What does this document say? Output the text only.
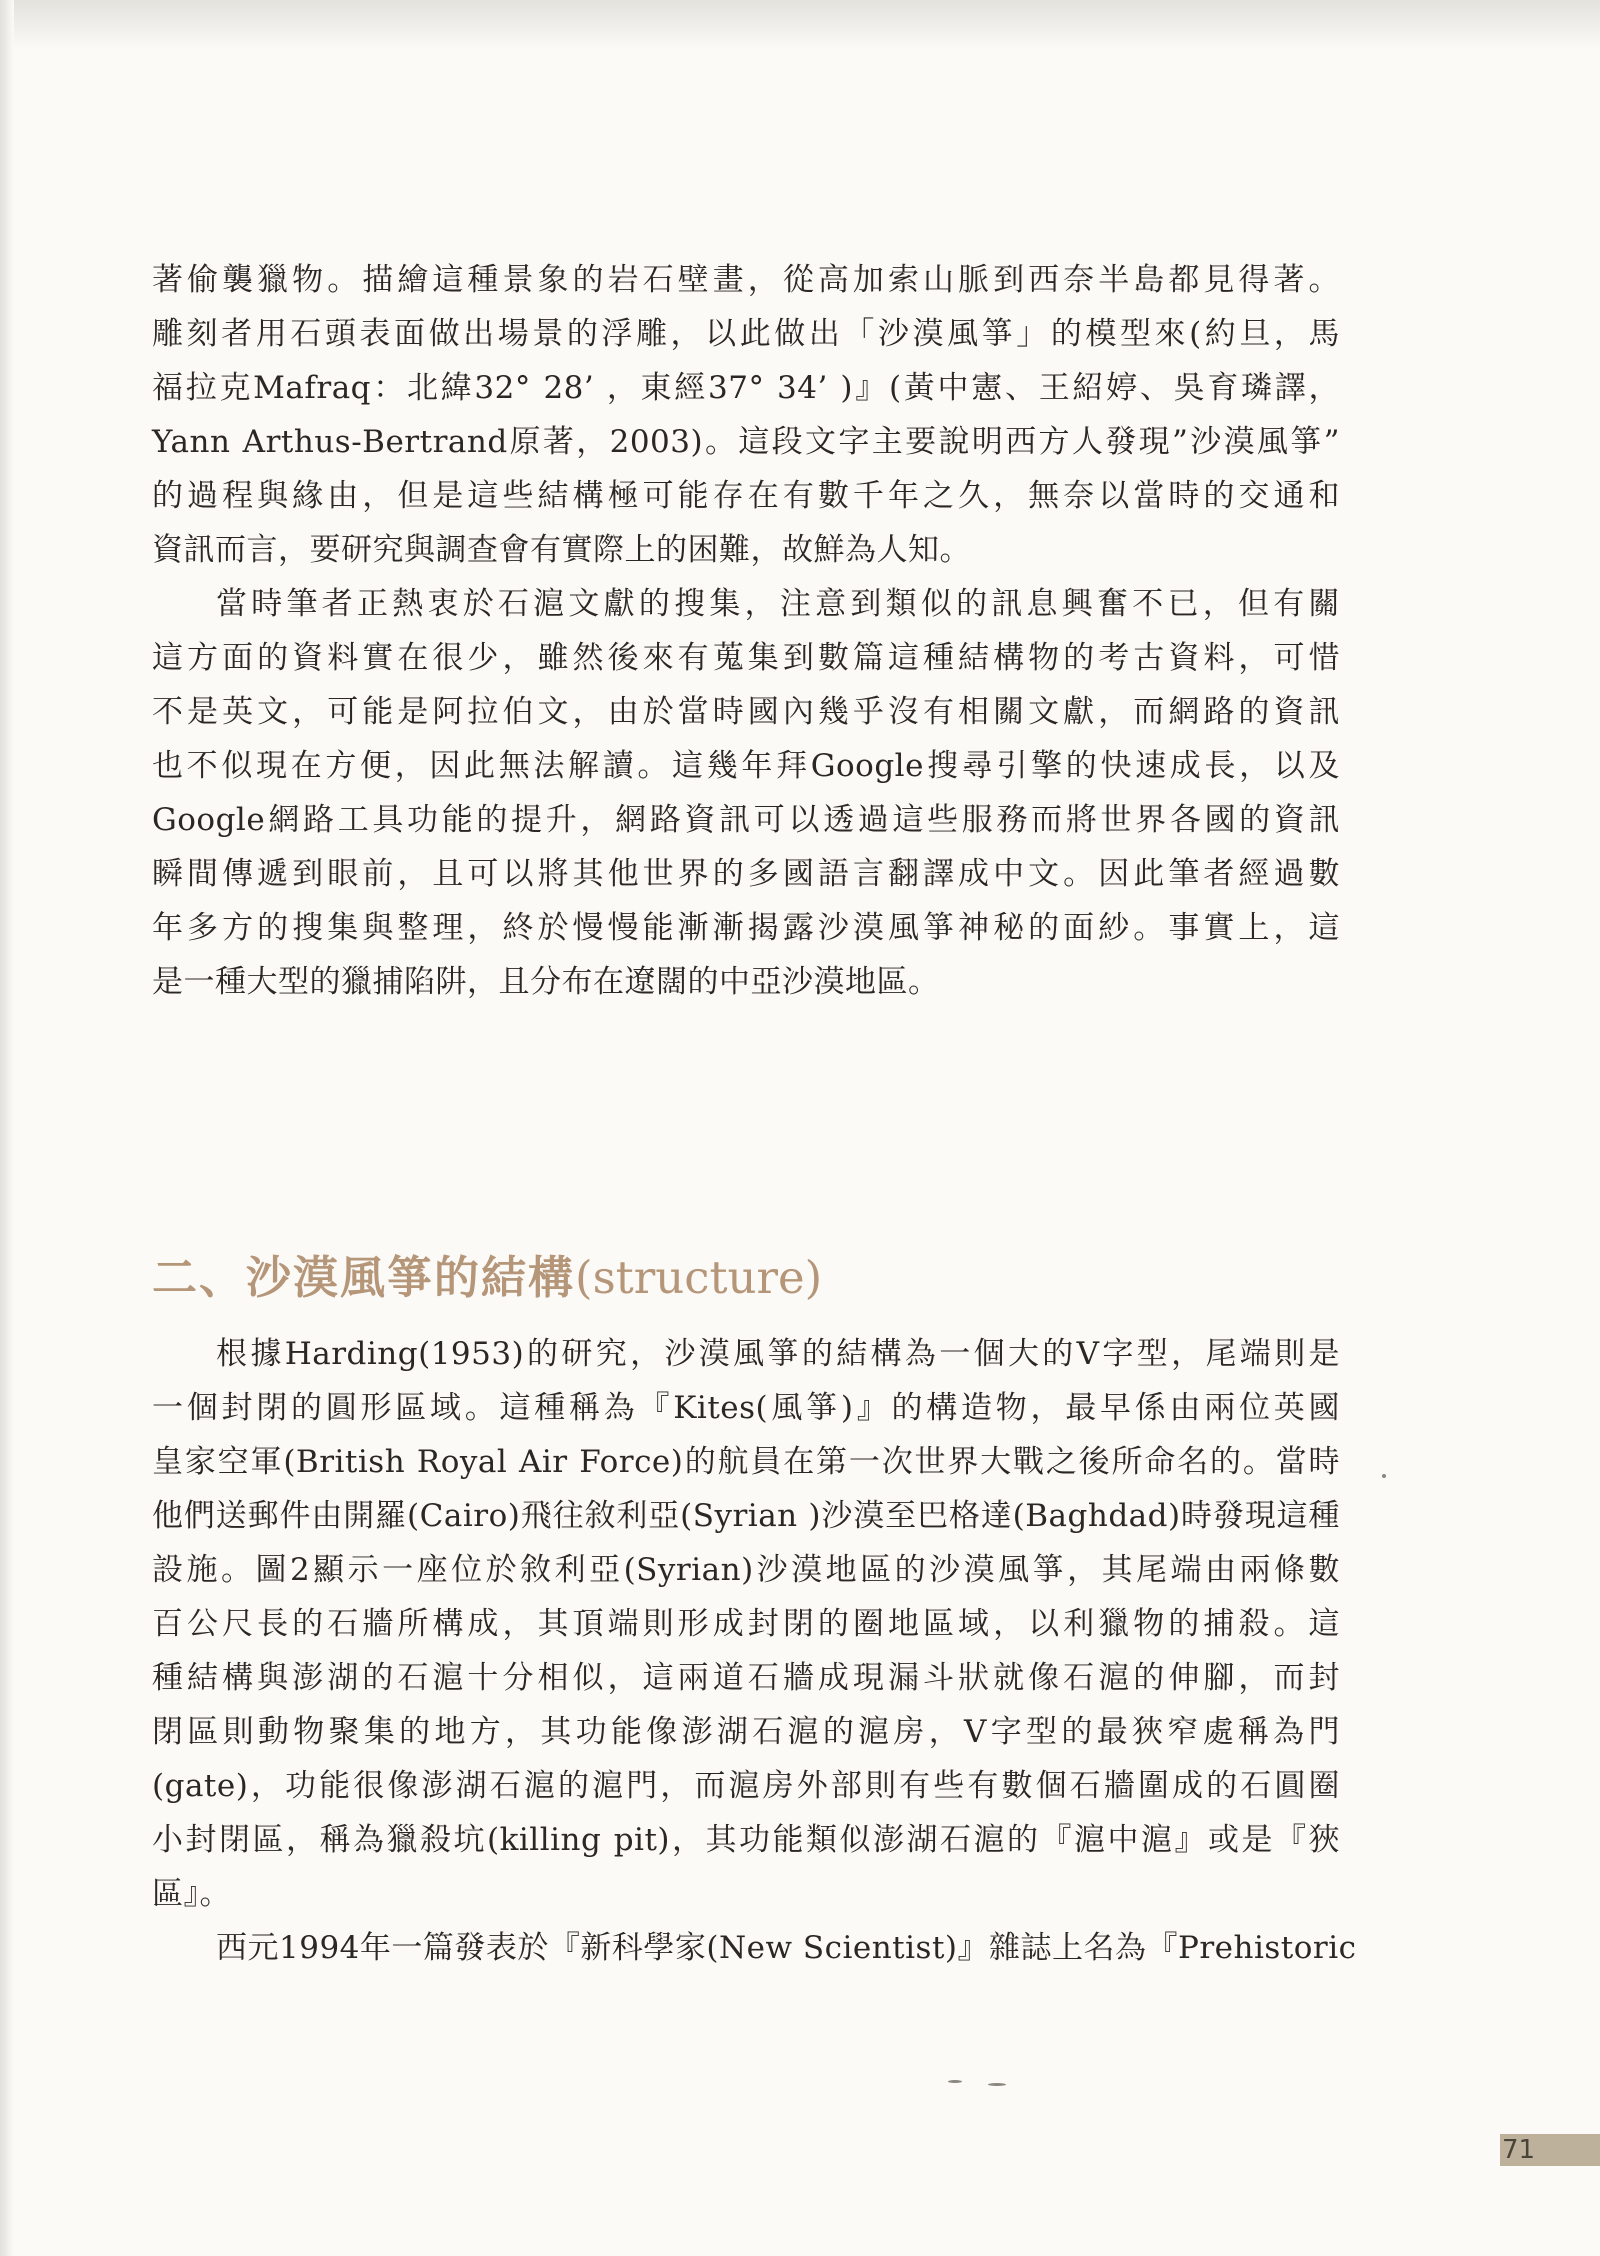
著偷襲獵物。描繪這種景象的岩石壁畫，從高加索山脈到西奈半島都見得著。
雕刻者用石頭表面做出場景的浮雕，以此做出「沙漠風箏」的模型來(約旦，馬
福拉克Mafraq：北緯32° 28’ ，東經37° 34’ )』(黃中憲、王紹婷、吳育璘譯，
Yann Arthus-Bertrand原著，2003)。這段文字主要說明西方人發現”沙漠風箏”
的過程與緣由，但是這些結構極可能存在有數千年之久，無奈以當時的交通和
資訊而言，要研究與調查會有實際上的困難，故鮮為人知。
當時筆者正熱衷於石滬文獻的搜集，注意到類似的訊息興奮不已，但有關
這方面的資料實在很少，雖然後來有蒐集到數篇這種結構物的考古資料，可惜
不是英文，可能是阿拉伯文，由於當時國內幾乎沒有相關文獻，而網路的資訊
也不似現在方便，因此無法解讀。這幾年拜Google搜尋引擎的快速成長，以及
Google網路工具功能的提升，網路資訊可以透過這些服務而將世界各國的資訊
瞬間傳遞到眼前，且可以將其他世界的多國語言翻譯成中文。因此筆者經過數
年多方的搜集與整理，終於慢慢能漸漸揭露沙漠風箏神秘的面紗。事實上，這
是一種大型的獵捕陷阱，且分布在遼闊的中亞沙漠地區。
二、沙漠風箏的結構(structure)
根據Harding(1953)的研究，沙漠風箏的結構為一個大的V字型，尾端則是
一個封閉的圓形區域。這種稱為『Kites(風箏)』的構造物，最早係由兩位英國
皇家空軍(British Royal Air Force)的航員在第一次世界大戰之後所命名的。當時
他們送郵件由開羅(Cairo)飛往敘利亞(Syrian )沙漠至巴格達(Baghdad)時發現這種
設施。圖2顯示一座位於敘利亞(Syrian)沙漠地區的沙漠風箏，其尾端由兩條數
百公尺長的石牆所構成，其頂端則形成封閉的圈地區域，以利獵物的捕殺。這
種結構與澎湖的石滬十分相似，這兩道石牆成現漏斗狀就像石滬的伸腳，而封
閉區則動物聚集的地方，其功能像澎湖石滬的滬房，V字型的最狹窄處稱為門
(gate)，功能很像澎湖石滬的滬門，而滬房外部則有些有數個石牆圍成的石圓圈
小封閉區，稱為獵殺坑(killing pit)，其功能類似澎湖石滬的『滬中滬』或是『狹
區』。
西元1994年一篇發表於『新科學家(New Scientist)』雜誌上名為『Prehistoric
71
